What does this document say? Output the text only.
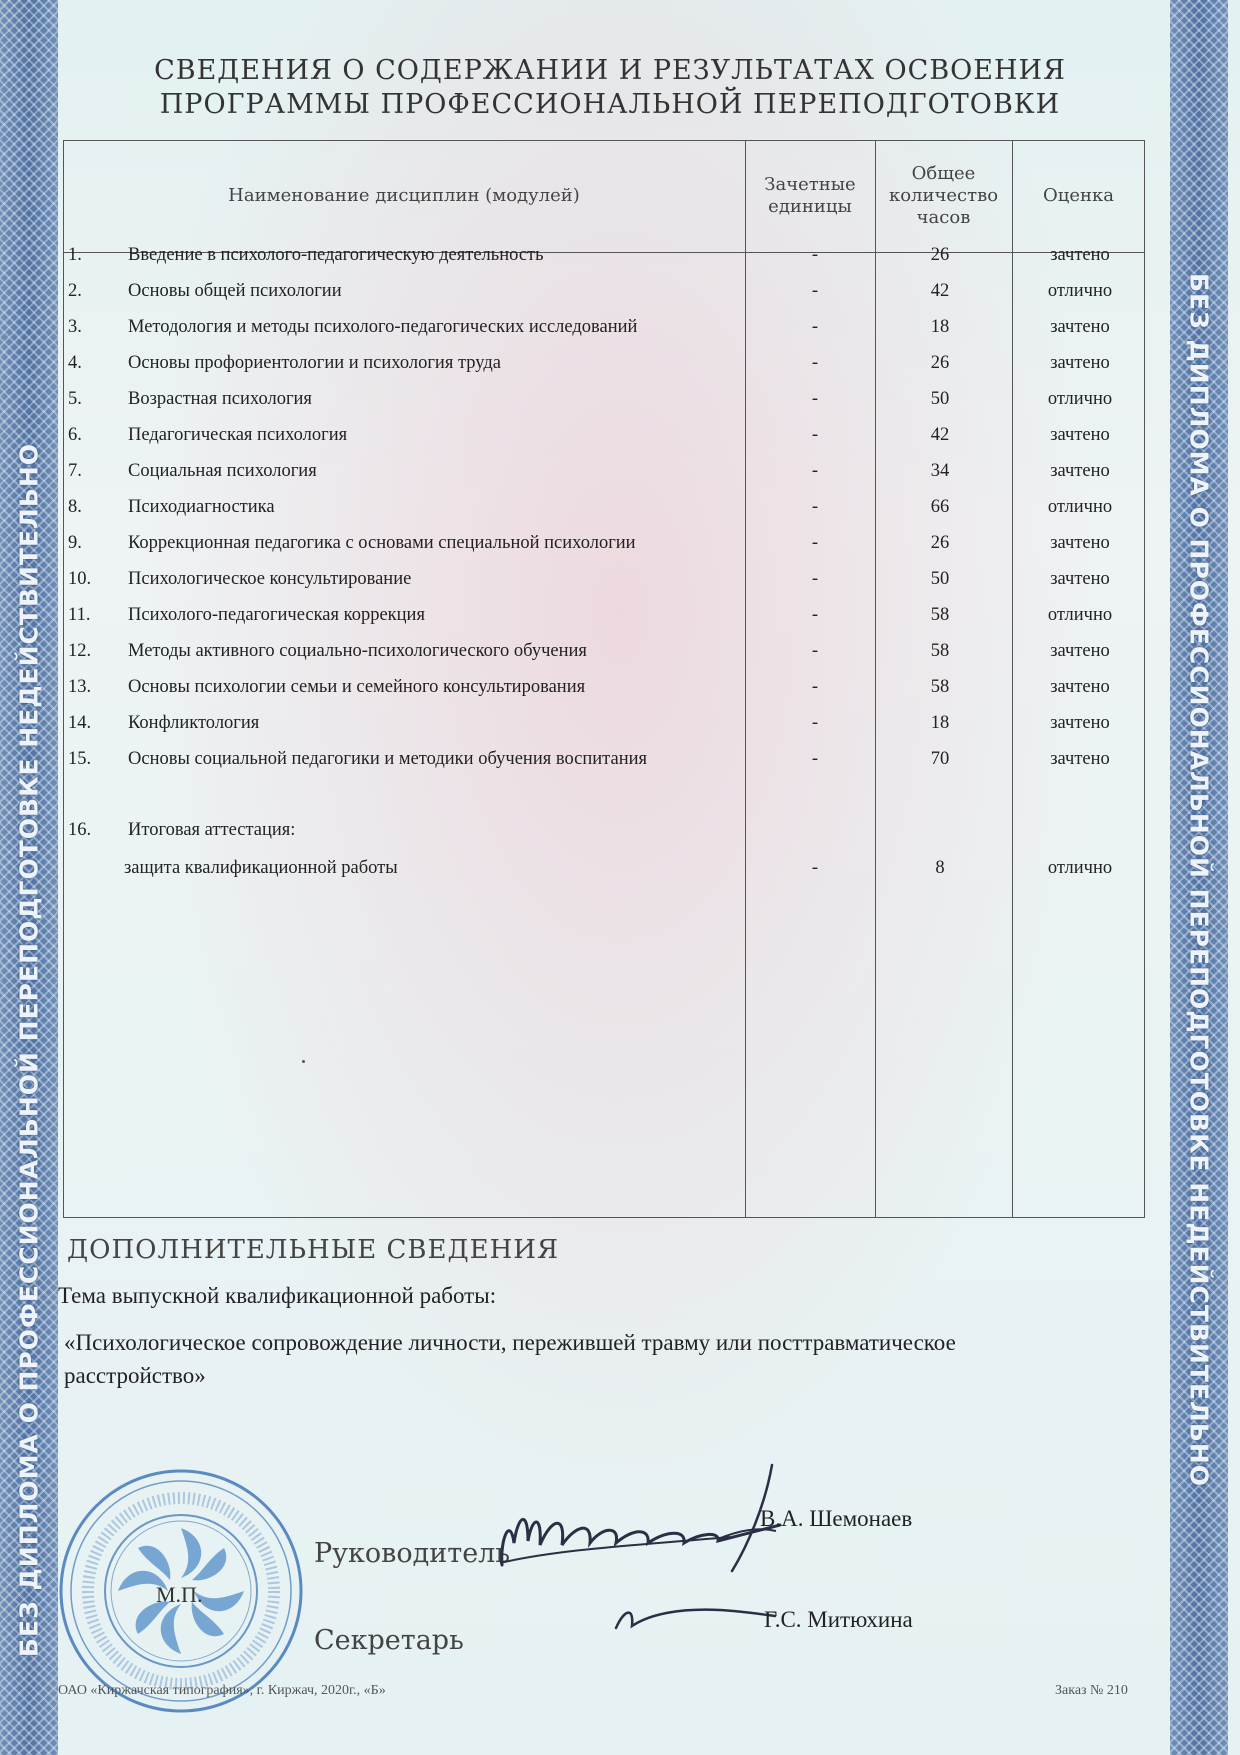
БЕЗ ДИПЛОМА О ПРОФЕССИОНАЛЬНОЙ ПЕРЕПОДГОТОВКЕ НЕДЕЙСТВИТЕЛЬНО	БЕЗ ДИПЛОМА О ПРОФЕССИОНАЛЬНОЙ ПЕРЕПОДГОТОВКЕ НЕДЕЙСТВИТЕЛЬНО
СВЕДЕНИЯ О СОДЕРЖАНИИ И РЕЗУЛЬТАТАХ ОСВОЕНИЯ
ПРОГРАММЫ ПРОФЕССИОНАЛЬНОЙ ПЕРЕПОДГОТОВКИ
Наименование дисциплин (модулей)
Зачетные
единицы
Общее
количество
часов
Оценка
1. Введение в психолого-педагогическую деятельность	-	26	зачтено
2. Основы общей психологии	-	42	отлично
3. Методология и методы психолого-педагогических исследований	-	18	зачтено
4. Основы профориентологии и психология труда	-	26	зачтено
5. Возрастная психология	-	50	отлично
6. Педагогическая психология	-	42	зачтено
7. Социальная психология	-	34	зачтено
8. Психодиагностика	-	66	отлично
9. Коррекционная педагогика с основами специальной психологии	-	26	зачтено
10. Психологическое консультирование	-	50	зачтено
11. Психолого-педагогическая коррекция	-	58	отлично
12. Методы активного социально-психологического обучения	-	58	зачтено
13. Основы психологии семьи и семейного консультирования	-	58	зачтено
14. Конфликтология	-	18	зачтено
15. Основы социальной педагогики и методики обучения воспитания	-	70	зачтено
16. Итоговая аттестация:
защита квалификационной работы	-	8	отлично
ДОПОЛНИТЕЛЬНЫЕ СВЕДЕНИЯ
Тема выпускной квалификационной работы:
«Психологическое сопровождение личности, пережившей травму или посттравматическое расстройство»
М.П.
Руководитель
В.А. Шемонаев
Секретарь
Г.С. Митюхина
ОАО «Киржачская типография», г. Киржач, 2020г., «Б»	Заказ № 210
